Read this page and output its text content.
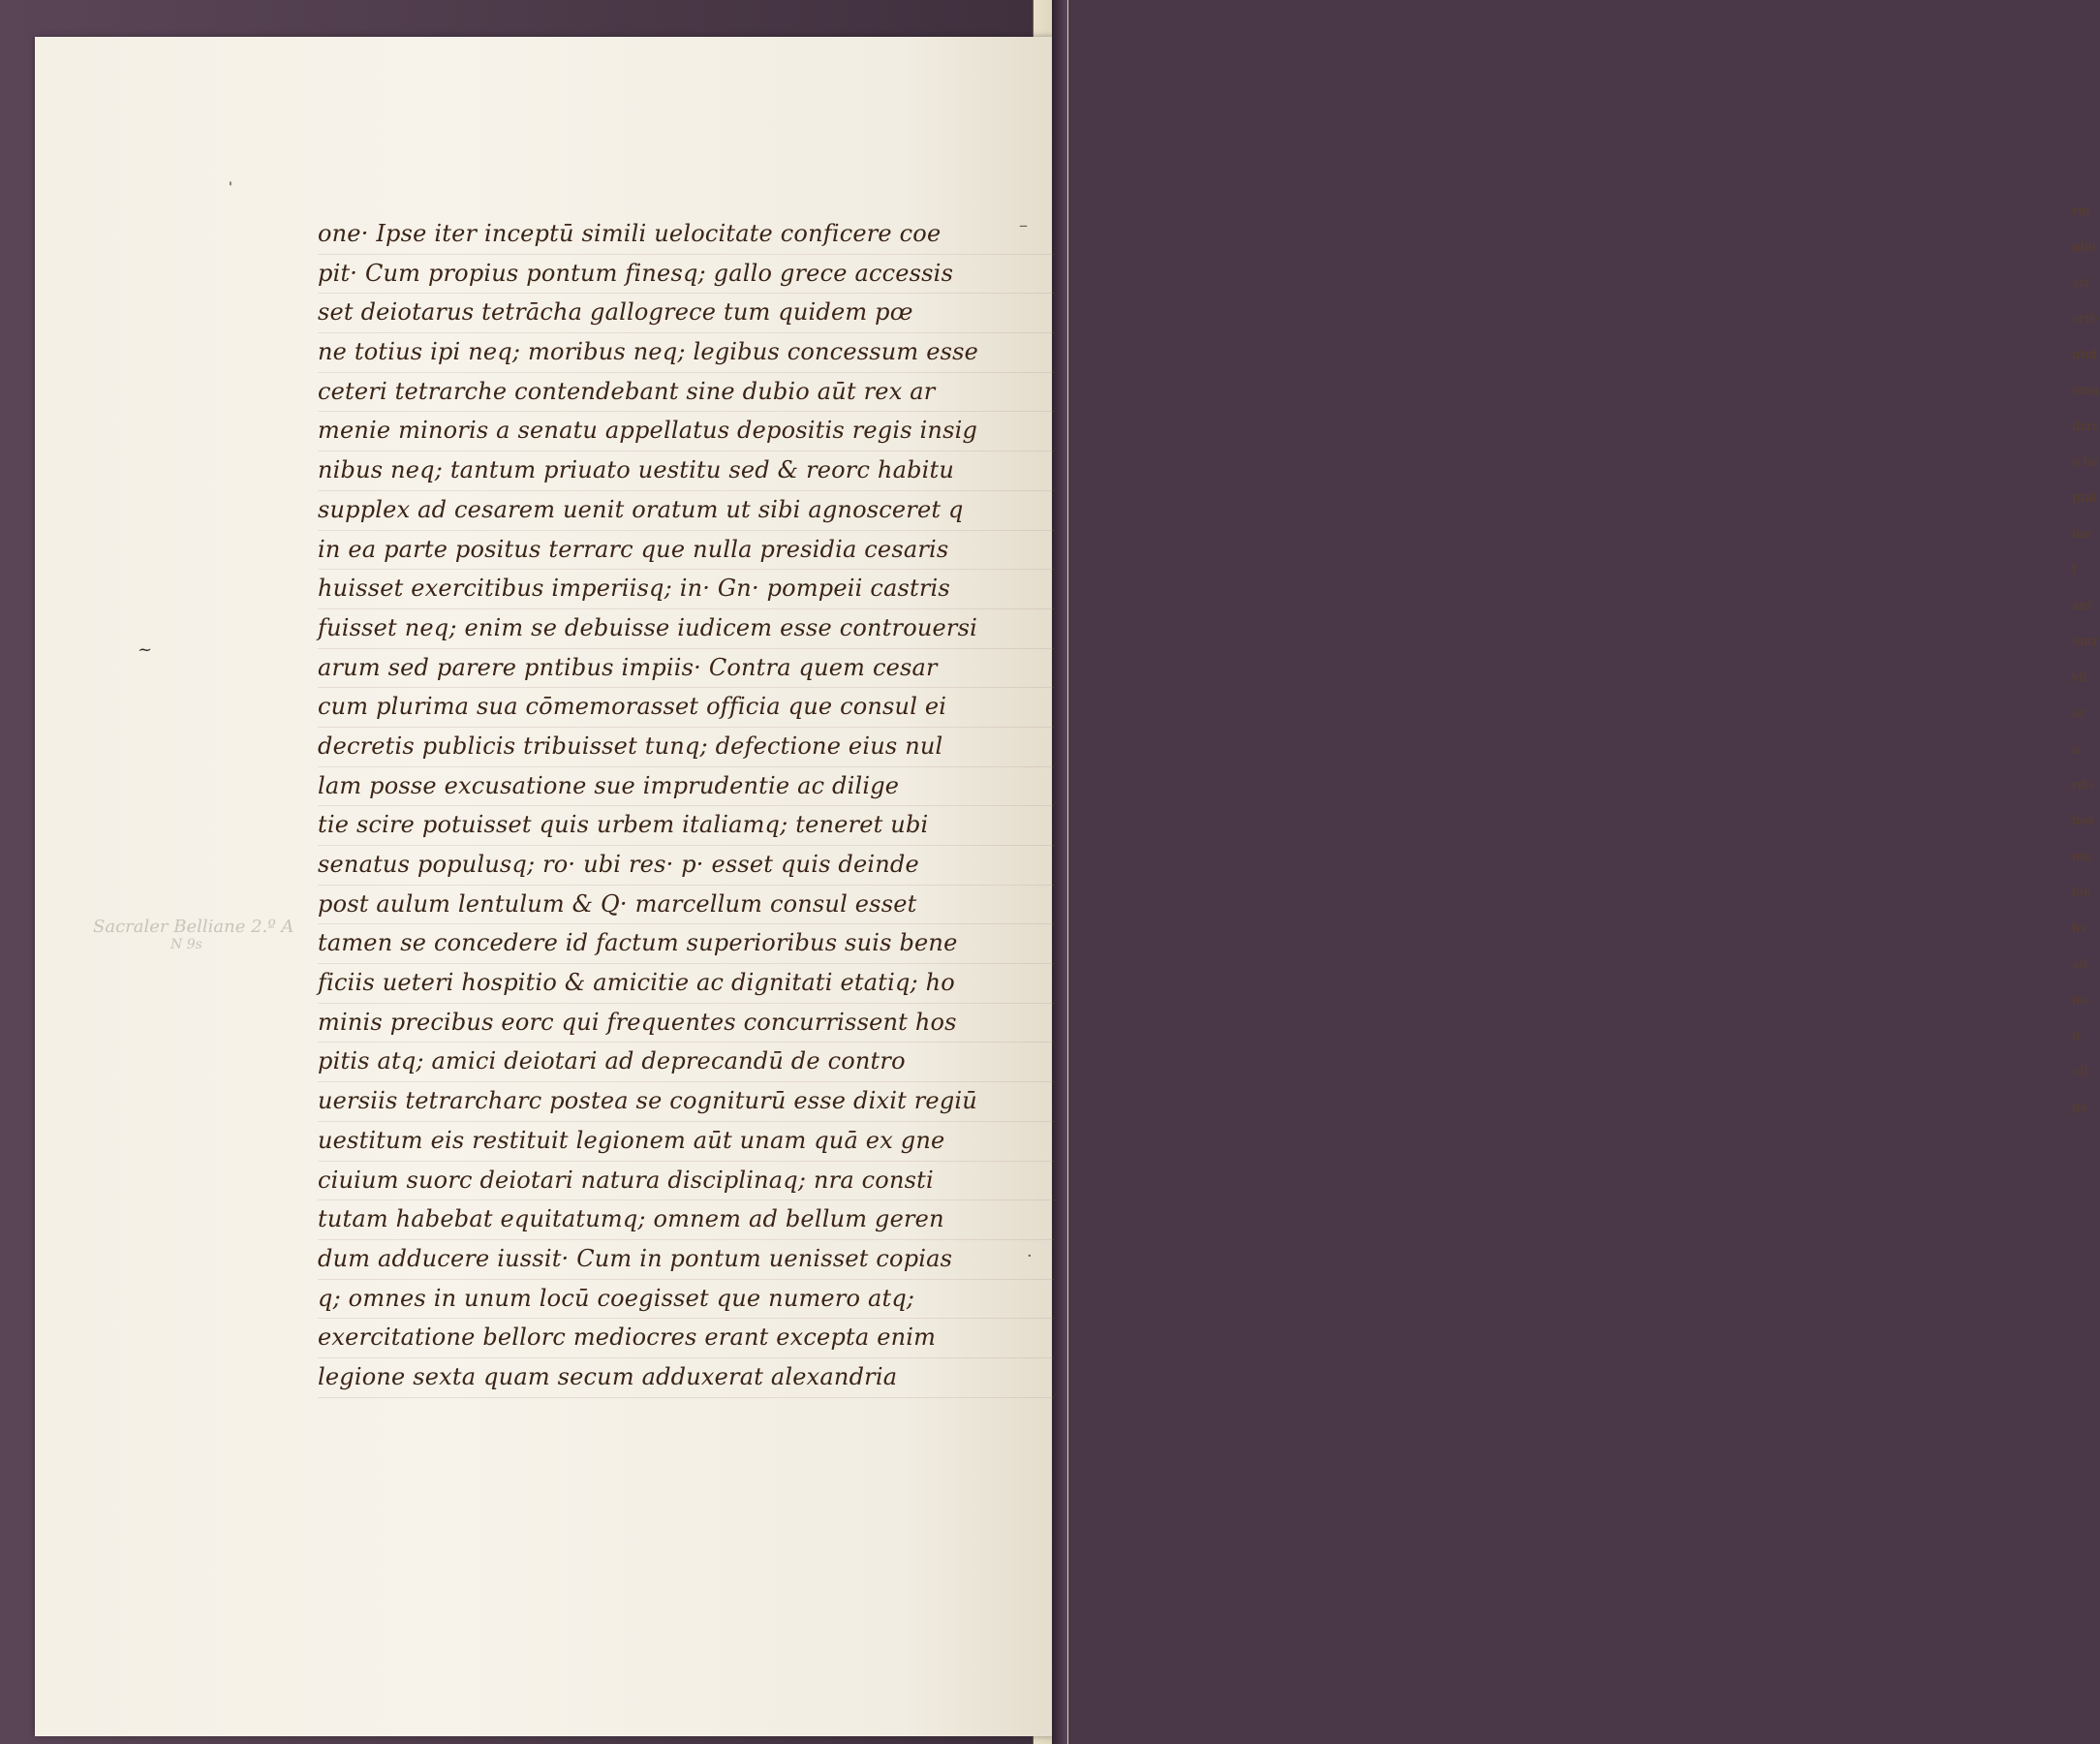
rm
nbu
ati
arib
ntef
ema
dsrc
e he
ptal
ius
f
ant
ontr
yb
ac
a
rdo
hos
mu
lou
hs
ad
ne
ir
oll
pe
'
~
–
·
Sacraler Belliane 2.º A
N 9s
one· Ipse iter inceptū simili uelocitate conficere coe
pit· Cum propius pontum finesq; gallo grece accessis
set deiotarus tetrācha gallogrece tum quidem pœ
ne totius ipi neq; moribus neq; legibus concessum esse
ceteri tetrarche contendebant sine dubio aūt rex ar
menie minoris a senatu appellatus depositis regis insig
nibus neq; tantum priuato uestitu sed & reorc habitu
supplex ad cesarem uenit oratum ut sibi agnosceret q
in ea parte positus terrarc que nulla presidia cesaris
huisset exercitibus imperiisq; in· Gn· pompeii castris
fuisset neq; enim se debuisse iudicem esse controuersi
arum sed parere pntibus impiis· Contra quem cesar
cum plurima sua cōmemorasset officia que consul ei
decretis publicis tribuisset tunq; defectione eius nul
lam posse excusatione sue imprudentie ac dilige
tie scire potuisset quis urbem italiamq; teneret ubi
senatus populusq; ro· ubi res· p· esset quis deinde
post aulum lentulum & Q· marcellum consul esset
tamen se concedere id factum superioribus suis bene
ficiis ueteri hospitio & amicitie ac dignitati etatiq; ho
minis precibus eorc qui frequentes concurrissent hos
pitis atq; amici deiotari ad deprecandū de contro
uersiis tetrarcharc postea se cogniturū esse dixit regiū
uestitum eis restituit legionem aūt unam quā ex gne
ciuium suorc deiotari natura disciplinaq; nra consti
tutam habebat equitatumq; omnem ad bellum geren
dum adducere iussit· Cum in pontum uenisset copias
q; omnes in unum locū coegisset que numero atq;
exercitatione bellorc mediocres erant excepta enim
legione sexta quam secum adduxerat alexandria
